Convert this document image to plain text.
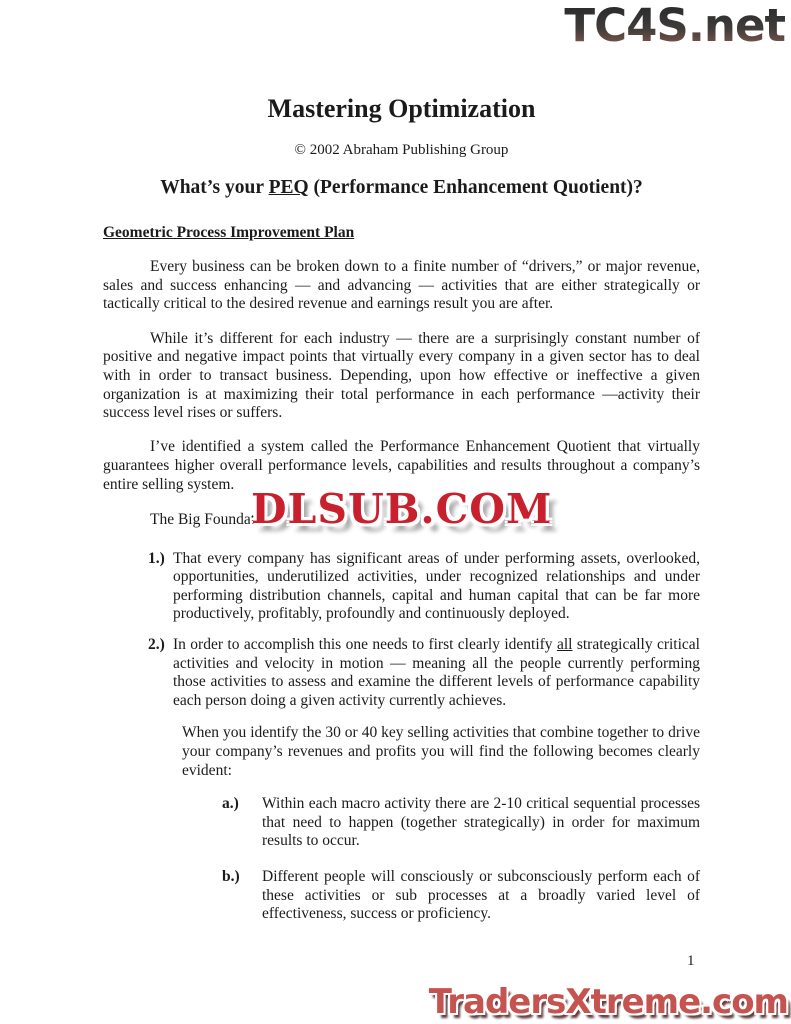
TC4S.net
Mastering Optimization
© 2002 Abraham Publishing Group
What’s your PEQ (Performance Enhancement Quotient)?
Geometric Process Improvement Plan

Every business can be broken down to a finite number of “drivers,” or major revenue, sales and success enhancing — and advancing — activities that are either strategically or tactically critical to the desired revenue and earnings result you are after.

While it’s different for each industry — there are a surprisingly constant number of positive and negative impact points that virtually every company in a given sector has to deal with in order to transact business. Depending, upon how effective or ineffective a given organization is at maximizing their total performance in each performance —activity their success level rises or suffers.

I’ve identified a system called the Performance Enhancement Quotient that virtually guarantees higher overall performance levels, capabilities and results throughout a company’s entire selling system.

The Big Foundati
1.) That every company has significant areas of under performing assets, overlooked, opportunities, underutilized activities, under recognized relationships and under performing distribution channels, capital and human capital that can be far more productively, profitably, profoundly and continuously deployed.
2.) In order to accomplish this one needs to first clearly identify all strategically critical activities and velocity in motion — meaning all the people currently performing those activities to assess and examine the different levels of performance capability each person doing a given activity currently achieves.
When you identify the 30 or 40 key selling activities that combine together to drive your company’s revenues and profits you will find the following becomes clearly evident:
a.) Within each macro activity there are 2-10 critical sequential processes that need to happen (together strategically) in order for maximum results to occur.
b.) Different people will consciously or subconsciously perform each of these activities or sub processes at a broadly varied level of effectiveness, success or proficiency.
DLSUB.COM
1
TradersXtreme.com
